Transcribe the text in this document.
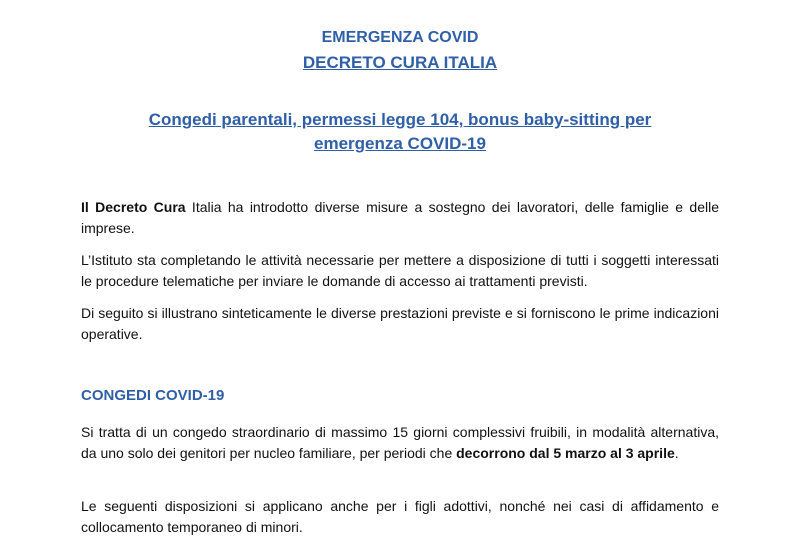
EMERGENZA COVID
DECRETO CURA ITALIA
Congedi parentali, permessi legge 104, bonus baby-sitting per
emergenza COVID-19

Il Decreto Cura Italia ha introdotto diverse misure a sostegno dei lavoratori, delle famiglie e delle imprese.

L’Istituto sta completando le attività necessarie per mettere a disposizione di tutti i soggetti interessati le procedure telematiche per inviare le domande di accesso ai trattamenti previsti.

Di seguito si illustrano sinteticamente le diverse prestazioni previste e si forniscono le prime indicazioni operative.

CONGEDI COVID-19

Si tratta di un congedo straordinario di massimo 15 giorni complessivi fruibili, in modalità alternativa, da uno solo dei genitori per nucleo familiare, per periodi che decorrono dal 5 marzo al 3 aprile.

Le seguenti disposizioni si applicano anche per i figli adottivi, nonché nei casi di affidamento e collocamento temporaneo di minori.
